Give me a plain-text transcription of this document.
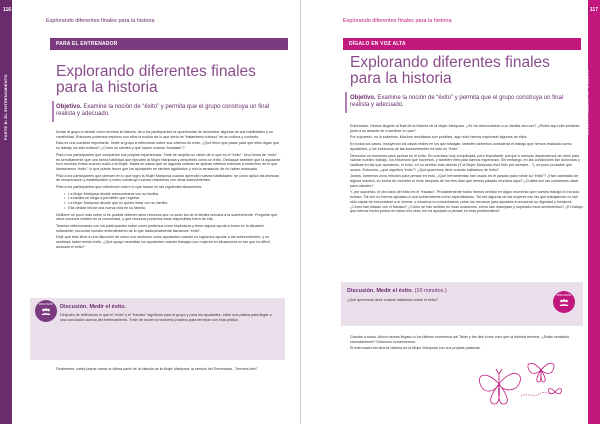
116
PARTE B: EL ENTRENAMIENTO
Explorando diferentes finales para la historia
PARA EL ENTRENADOR
Explorando diferentes finales para la historia
Objetivo. Examine la noción de “éxito” y permita que el grupo construya un final realista y adecuado.

Invitar al grupo a decidir cómo termina la historia, da a los participantes la oportunidad de demostrar algunas de sus habilidades y su creatividad. Entonces podemos explorar con ellos la noción de lo que sería un “tratamiento exitoso” en su cultura y contexto.

Esta es una cuestión importante. Invite al grupo a reflexionar sobre sus criterios de éxito. ¿Qué tiene que pasar para que ellos digan que su trabajo ha sido exitoso? ¿Cómo se sienten y qué hacen cuando “fracasan”?

Pida a los participantes que compartan sus propias experiencias. Trate de ampliar su visión de lo que es el “éxito”. Una forma de “exito” es sencillamente que una forma habilidad que ejecuten la Mujer Mariposa y describirlo como un éxito. Destaque también que la ayudante tuvo muchos éxitos cuando cuidó a la Mujer. Hasta en casos que se algunas cultivan se aplican criterios estrictos a estrechos de lo que llamaríamos “éxito”, lo que puede hacer que los ayudantes se sientan agobiados y con la sensación de no haber avanzado.

Pida a los participantes que piensen en lo que logró la Mujer Mariposa cuando aprendió nuevas habilidades: se cómo aplicó las técnicas de recuperación y estabilización y cómo construyó nuevas relaciones con otras sobrevivientes.

Pida a los participantes que reflexionen sobre lo que harían en las siguientes situaciones:

• La Mujer Mariposa decide reencontrarse con su familia.
• La familia se niega a permitirle que regrese.
• La Mujer Mariposa decide que no quiere estar con su familia.
• Ella decide iniciar una nueva vida en su familia.

Delibere un poco más sobre si es posible obtener otros recursos que no sean los de la familia cercana a la sobreviviente. Pregunte qué otros recursos existen en la comunidad, y qué recursos podemos estar disponibles fuera de ella.

Termine reflexionando con los participantes sobre cómo podemos crear esperanza y tener alguna ayuda a todos en la situación solamente; escuchar nuestro entendimiento de lo que tradicionalmente llamamos “éxito”.

Deje que esto lleve a una discusión de cómo nos sentimos como ayudantes cuando no logramos ayudar a las sobrevivientes, y no sentimos haber tenido éxito. ¿Qué apoyo necesitan los ayudantes cuando trabajan con mujeres en situaciones en las que es difícil alcanzar el éxito?

DISCUSIÓN	Discusión. Medir el éxito.
Después de reflexionar lo que el “éxito” y el “fracaso” significan para el grupo y para los ayudantes, inicie una plática para llegar a una conclusión acerca del entrenamiento. Trate de mover la momento positivo para terminar con esta plática.

Finalmente, usted puede narrar la última parte de la historia de la Mujer Mariposa: la versión del Entrenador „ Termina bien”

117
PARTE B: EL ENTRENAMIENTO
Explorando diferentes finales para la historia
DÍGALO EN VOZ ALTA
Explorando diferentes finales para la historia
Objetivo. Examine la noción de “éxito” y permita que el grupo construya un final realista y adecuado.

Entrenador. Hemos llegado al final de la historia de la Mujer Mariposa. ¿Se ha reencontrado a su familia otra vez? ¿Podrá aquí ella sentarse junto a su amante de a sentirse en paz?

Por supuesto, no lo sabemos. Muchos resultados son posibles, aquí sólo hemos explorado algunos de ellos.

En todos los casos, incluyendo los casos reales en los que trabajan, también debemos considerar el trabajo que hemos realizado como ayudantes, y los esfuerzos de las sobrevivientes ha sido un “éxito”.

Démonos un momento para pensar en el éxito. En una idea muy complicada, pero importante, porque a menudo dependemos de otros para valorar nuestro trabajo, los esfuerzos que hacemos, y también eles para darnos esperanza. Sin embargo, en las condiciones tan dolorosas y caóticas en las que operamos, el éxito, en su sentido más directo (Y la Mujer Mariposa vivió feliz por siempre…”), es poco probable que ocurra. Entonces, ¿qué significa “éxito”? ¿Qué queremos decir cuando hablamos de éxito?

Juntos, tomemos unos minutos para pensar en esto. ¿Qué herramientas han usado en el pasado para medir su “éxito”? ¿Han cambiado de alguna manera, su forma de concebir el éxito después de los tres días que hemos pasado reunidos aquí? ¿Cuáles son las cuestiones clave para ustedes?

Y, por supuesto, el otro lado del éxito es el “fracaso”. Probablemente todos hemos sentido en algún momento que nuestro trabajo no ha sido exitoso. Tal vez no hemos ayudado a una sobreviviente como esperábamos. Tal vez algunas de las mujeres con las que trabajamos no han sido capaz de encontrarse a sí misma, o nosotros no encontramos cómo los recursos para ayudarla a recuperar su dignidad y fortaleza. ¿Cómo han lidiado con el fracaso? ¿Cómo se han sentido en esas ocasiones, cómo han manejado y superado esos sentimientos? ¿El trabajo que hemos hecho juntos en estos tres días, les ha ayudado a pensar en esta problemática?

Discusión. Medir el éxito. (10 minutos.)
¿Qué queremos decir cuando hablamos sobre el éxito?
DISCUSIÓN

Gracias a todos. Ahora hemos llegado a los últimos momentos del Taller y les diré cómo creo que la historia termina. ¿Están sentados cómodamente? Entonces comencemos.

El entrenador termina la historia de la Mujer Mariposa con sus propias palabras.
